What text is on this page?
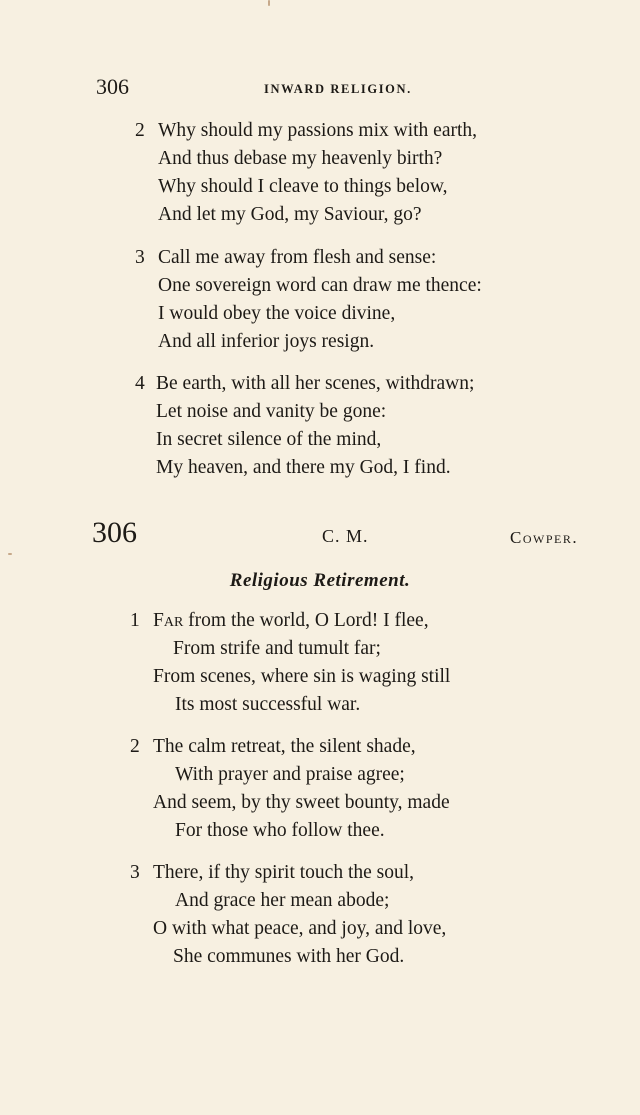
306	INWARD RELIGION.
2 Why should my passions mix with earth,
And thus debase my heavenly birth?
Why should I cleave to things below,
And let my God, my Saviour, go?
3 Call me away from flesh and sense:
One sovereign word can draw me thence:
I would obey the voice divine,
And all inferior joys resign.
4 Be earth, with all her scenes, withdrawn;
Let noise and vanity be gone:
In secret silence of the mind,
My heaven, and there my God, I find.
306	C. M.	Cowper.
Religious Retirement.
1 Far from the world, O Lord! I flee,
From strife and tumult far;
From scenes, where sin is waging still
Its most successful war.
2 The calm retreat, the silent shade,
With prayer and praise agree;
And seem, by thy sweet bounty, made
For those who follow thee.
3 There, if thy spirit touch the soul,
And grace her mean abode;
O with what peace, and joy, and love,
She communes with her God.
